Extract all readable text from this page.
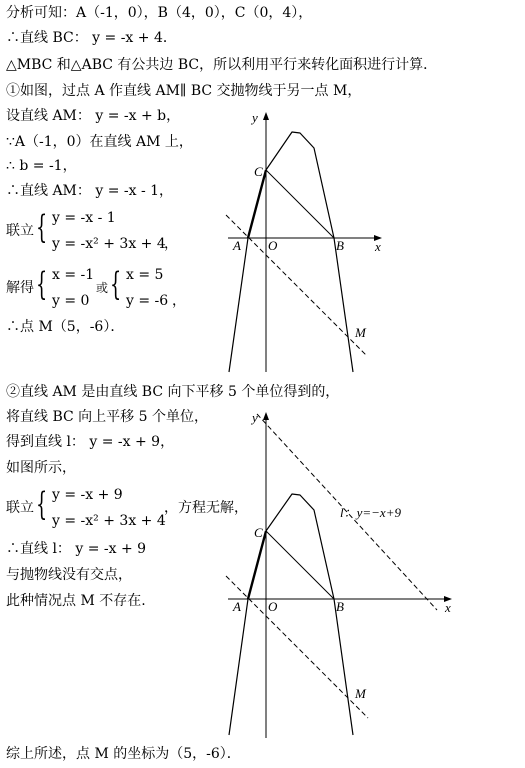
分析可知：A（-1，0），B（4，0），C（0，4），
∴直线 BC： y = -x + 4．
△MBC 和△ABC 有公共边 BC，所以利用平行来转化面积进行计算．
①如图，过点 A 作直线 AM∥ BC 交抛物线于另一点 M，
设直线 AM： y = -x + b，
∵A（-1，0）在直线 AM 上，
∴ b = -1，
∴直线 AM： y = -x - 1，
联立 { y = -x - 1
y = -x² + 3x + 4
，
解得 { x = -1
y = 0
或 { x = 5
y = -6 ，
∴点 M（5，-6）．
②直线 AM 是由直线 BC 向下平移 5 个单位得到的，
将直线 BC 向上平移 5 个单位，
得到直线 l： y = -x + 9，
如图所示，
联立 { y = -x + 9
y = -x² + 3x + 4
，方程无解，
∴直线 l： y = -x + 9
与抛物线没有交点，
此种情况点 M 不存在.
综上所述，点 M 的坐标为（5，-6）．
y
x
O
A	B
C
M
y
x
O
A	B
C
M
l：y=−x+9
